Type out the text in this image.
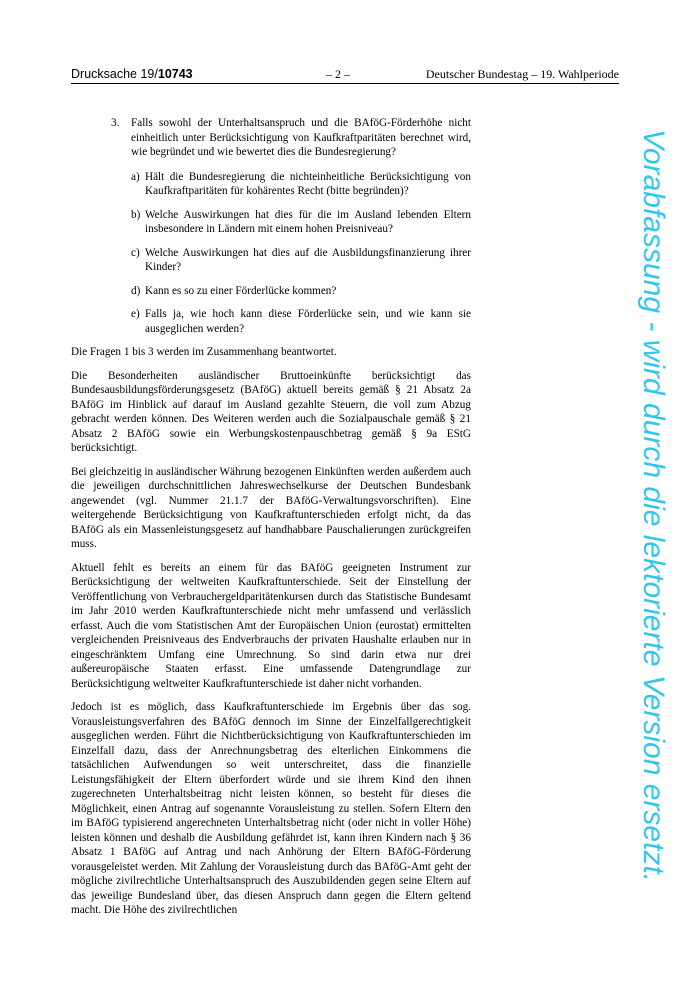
Drucksache 19/10743	– 2 –	Deutscher Bundestag – 19. Wahlperiode
3. Falls sowohl der Unterhaltsanspruch und die BAföG-Förderhöhe nicht einheitlich unter Berücksichtigung von Kaufkraftparitäten berechnet wird, wie begründet und wie bewertet dies die Bundesregierung?

a) Hält die Bundesregierung die nichteinheitliche Berücksichtigung von Kaufkraftparitäten für kohärentes Recht (bitte begründen)?
b) Welche Auswirkungen hat dies für die im Ausland lebenden Eltern insbesondere in Ländern mit einem hohen Preisniveau?
c) Welche Auswirkungen hat dies auf die Ausbildungsfinanzierung ihrer Kinder?
d) Kann es so zu einer Förderlücke kommen?
e) Falls ja, wie hoch kann diese Förderlücke sein, und wie kann sie ausgeglichen werden?

Die Fragen 1 bis 3 werden im Zusammenhang beantwortet.

Die Besonderheiten ausländischer Bruttoeinkünfte berücksichtigt das Bundesausbildungsförderungsgesetz (BAföG) aktuell bereits gemäß § 21 Absatz 2a BAföG im Hinblick auf darauf im Ausland gezahlte Steuern, die voll zum Abzug gebracht werden können. Des Weiteren werden auch die Sozialpauschale gemäß § 21 Absatz 2 BAföG sowie ein Werbungskostenpauschbetrag gemäß § 9a EStG berücksichtigt.

Bei gleichzeitig in ausländischer Währung bezogenen Einkünften werden außerdem auch die jeweiligen durchschnittlichen Jahreswechselkurse der Deutschen Bundesbank angewendet (vgl. Nummer 21.1.7 der BAföG-Verwaltungsvorschriften). Eine weitergehende Berücksichtigung von Kaufkraftunterschieden erfolgt nicht, da das BAföG als ein Massenleistungsgesetz auf handhabbare Pauschalierungen zurückgreifen muss.

Aktuell fehlt es bereits an einem für das BAföG geeigneten Instrument zur Berücksichtigung der weltweiten Kaufkraftunterschiede. Seit der Einstellung der Veröffentlichung von Verbrauchergeldparitätenkursen durch das Statistische Bundesamt im Jahr 2010 werden Kaufkraftunterschiede nicht mehr umfassend und verlässlich erfasst. Auch die vom Statistischen Amt der Europäischen Union (eurostat) ermittelten vergleichenden Preisniveaus des Endverbrauchs der privaten Haushalte erlauben nur in eingeschränktem Umfang eine Umrechnung. So sind darin etwa nur drei außereuropäische Staaten erfasst. Eine umfassende Datengrundlage zur Berücksichtigung weltweiter Kaufkraftunterschiede ist daher nicht vorhanden.

Jedoch ist es möglich, dass Kaufkraftunterschiede im Ergebnis über das sog. Vorausleistungsverfahren des BAföG dennoch im Sinne der Einzelfallgerechtigkeit ausgeglichen werden. Führt die Nichtberücksichtigung von Kaufkraftunterschieden im Einzelfall dazu, dass der Anrechnungsbetrag des elterlichen Einkommens die tatsächlichen Aufwendungen so weit unterschreitet, dass die finanzielle Leistungsfähigkeit der Eltern überfordert würde und sie ihrem Kind den ihnen zugerechneten Unterhaltsbeitrag nicht leisten können, so besteht für dieses die Möglichkeit, einen Antrag auf sogenannte Vorausleistung zu stellen. Sofern Eltern den im BAföG typisierend angerechneten Unterhaltsbetrag nicht (oder nicht in voller Höhe) leisten können und deshalb die Ausbildung gefährdet ist, kann ihren Kindern nach § 36 Absatz 1 BAföG auf Antrag und nach Anhörung der Eltern BAföG-Förderung vorausgeleistet werden. Mit Zahlung der Vorausleistung durch das BAföG-Amt geht der mögliche zivilrechtliche Unterhaltsanspruch des Auszubildenden gegen seine Eltern auf das jeweilige Bundesland über, das diesen Anspruch dann gegen die Eltern geltend macht. Die Höhe des zivilrechtlichen

Vorabfassung - wird durch die lektorierte Version ersetzt.
